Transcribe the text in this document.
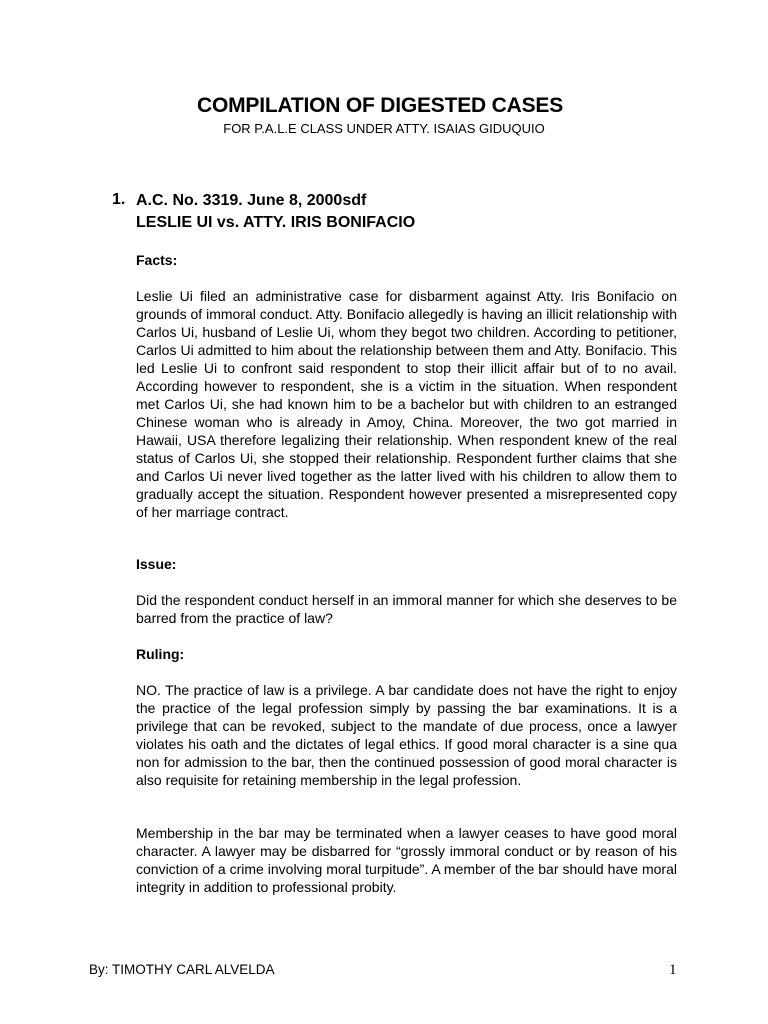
COMPILATION OF DIGESTED CASES
FOR P.A.L.E CLASS UNDER ATTY. ISAIAS GIDUQUIO
1. A.C. No. 3319. June 8, 2000sdf
LESLIE UI vs. ATTY. IRIS BONIFACIO
Facts:
Leslie Ui filed an administrative case for disbarment against Atty. Iris Bonifacio on grounds of immoral conduct. Atty. Bonifacio allegedly is having an illicit relationship with Carlos Ui, husband of Leslie Ui, whom they begot two children. According to petitioner, Carlos Ui admitted to him about the relationship between them and Atty. Bonifacio. This led Leslie Ui to confront said respondent to stop their illicit affair but of to no avail. According however to respondent, she is a victim in the situation. When respondent met Carlos Ui, she had known him to be a bachelor but with children to an estranged Chinese woman who is already in Amoy, China. Moreover, the two got married in Hawaii, USA therefore legalizing their relationship. When respondent knew of the real status of Carlos Ui, she stopped their relationship. Respondent further claims that she and Carlos Ui never lived together as the latter lived with his children to allow them to gradually accept the situation. Respondent however presented a misrepresented copy of her marriage contract.
Issue:
Did the respondent conduct herself in an immoral manner for which she deserves to be barred from the practice of law?
Ruling:
NO. The practice of law is a privilege. A bar candidate does not have the right to enjoy the practice of the legal profession simply by passing the bar examinations. It is a privilege that can be revoked, subject to the mandate of due process, once a lawyer violates his oath and the dictates of legal ethics. If good moral character is a sine qua non for admission to the bar, then the continued possession of good moral character is also requisite for retaining membership in the legal profession.
Membership in the bar may be terminated when a lawyer ceases to have good moral character. A lawyer may be disbarred for “grossly immoral conduct or by reason of his conviction of a crime involving moral turpitude”. A member of the bar should have moral integrity in addition to professional probity.
By: TIMOTHY CARL ALVELDA	1
